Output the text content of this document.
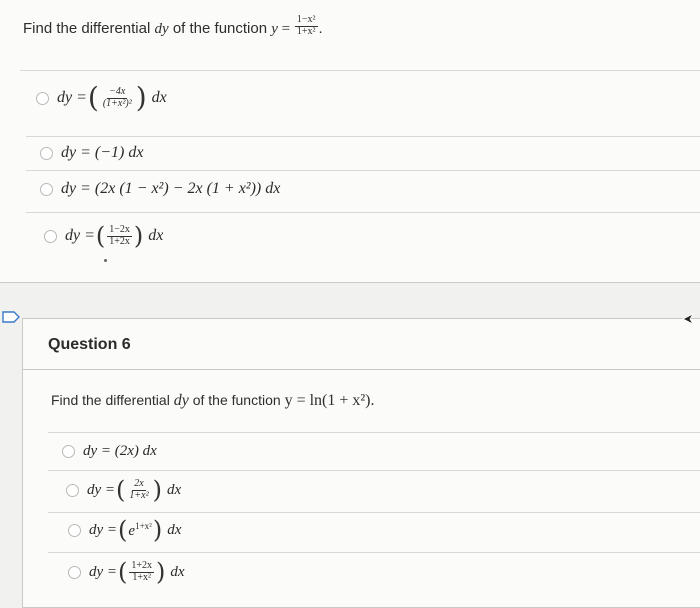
Find the differential dy of the function $y = \frac{\text{1−x²}}{\text{1+x²}}$ .
dy = ( $\frac{-4x}{\text{(1+x²)²}}$ ) dx
dy = (−1) dx
dy = (2x (1 − x²) − 2x (1 + x²)) dx
dy = ( $\frac{1-2x}{1+2x}$ ) dx
Question 6
Find the differential dy of the function y = ln(1 + x²).
dy = (2x) dx
dy = ( $\frac{2x}{\text{1+x²}}$ ) dx
dy = ( $e^{1+x^2}$ ) dx
dy = ( $\frac{1+2x}{\text{1+x²}}$ ) dx
